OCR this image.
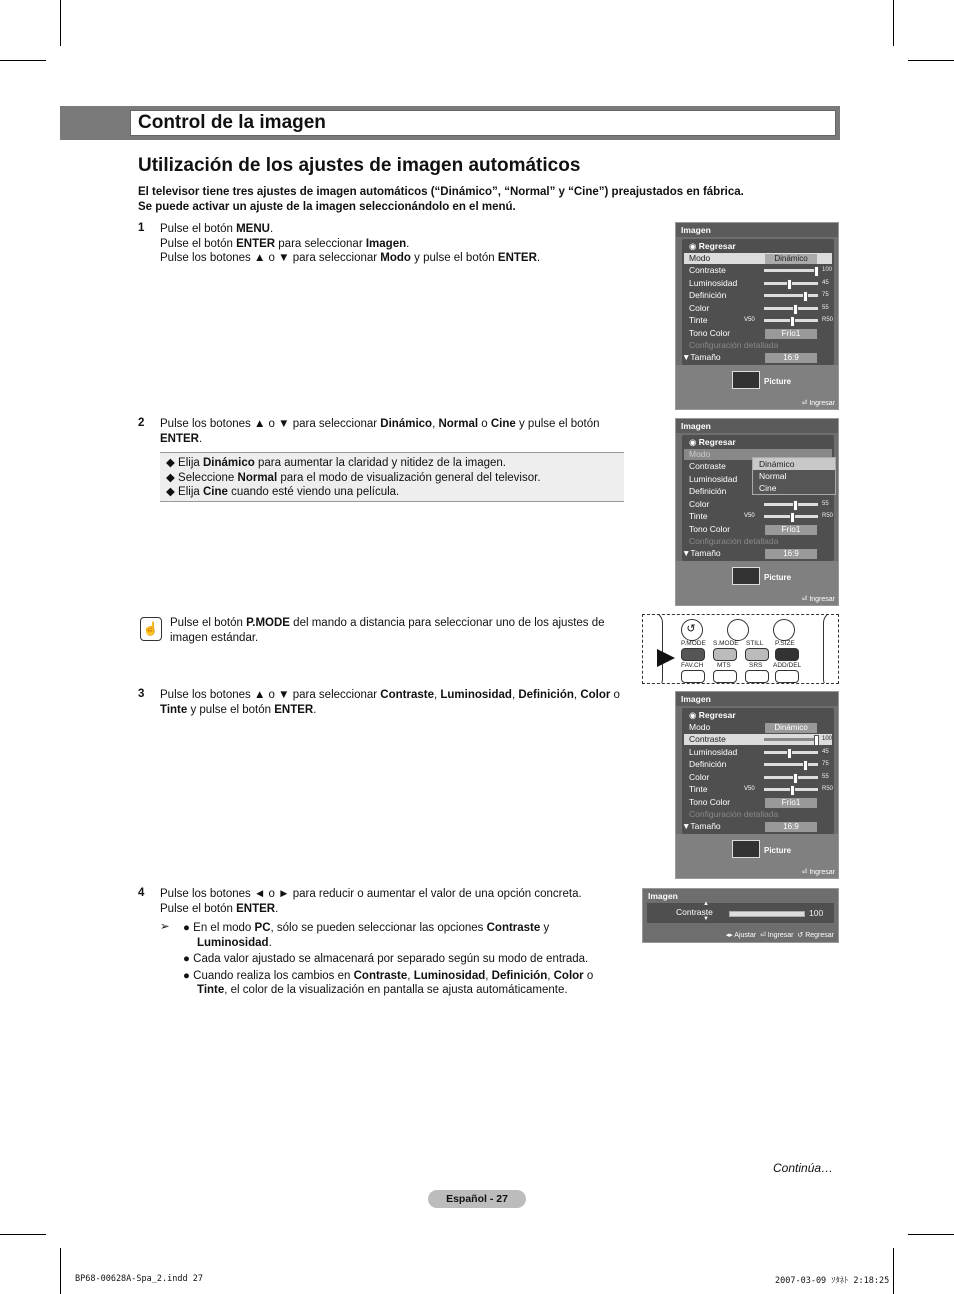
Control de la imagen
Utilización de los ajustes de imagen automáticos
El televisor tiene tres ajustes de imagen automáticos (“Dinámico”, “Normal” y “Cine”) preajustados en fábrica.
Se puede activar un ajuste de la imagen seleccionándolo en el menú.
1 Pulse el botón MENU.
Pulse el botón ENTER para seleccionar Imagen.
Pulse los botones ▲ o ▼ para seleccionar Modo y pulse el botón ENTER.
Imagen
◉ Regresar
Modo	Dinámico
Contraste	100
Luminosidad	45
Definición	75
Color	55
Tinte	V50	R50
Tono Color	Frío1
Configuración detallada
▼Tamaño	16:9
Picture
⏎ Ingresar
2 Pulse los botones ▲ o ▼ para seleccionar Dinámico, Normal o Cine y pulse el botón
ENTER.
◆ Elija Dinámico para aumentar la claridad y nitidez de la imagen.
◆ Seleccione Normal para el modo de visualización general del televisor.
◆ Elija Cine cuando esté viendo una película.
Imagen
◉ Regresar
Modo
Contraste
Luminosidad
Definición
Color	55
Tinte	V50	R50
Tono Color	Frío1
Configuración detallada
▼Tamaño	16:9
Dinámico
Normal
Cine
Picture
⏎ Ingresar
☝ Pulse el botón P.MODE del mando a distancia para seleccionar uno de los ajustes de
imagen estándar.
↺
P.MODE S.MODE STILL P.SIZE
FAV.CH MTS	SRS ADD/DEL
3 Pulse los botones ▲ o ▼ para seleccionar Contraste, Luminosidad, Definición, Color o
Tinte y pulse el botón ENTER.
Imagen
◉ Regresar
Modo	Dinámico
Contraste	100
Luminosidad	45
Definición	75
Color	55
Tinte	V50	R50
Tono Color	Frío1
Configuración detallada
▼Tamaño	16:9
Picture
⏎ Ingresar
4 Pulse los botones ◄ o ► para reducir o aumentar el valor de una opción concreta.
Pulse el botón ENTER.
➢	● En el modo PC, sólo se pueden seleccionar las opciones Contraste y
Luminosidad.
● Cada valor ajustado se almacenará por separado según su modo de entrada.
● Cuando realiza los cambios en Contraste, Luminosidad, Definición, Color o
Tinte, el color de la visualización en pantalla se ajusta automáticamente.
Imagen
▲
Contraste
▼
100
◂▸ Ajustar ⏎ Ingresar ↺ Regresar
Continúa…
Español - 27
BP68-00628A-Spa_2.indd 27	2007-03-09 ｿﾀﾈﾄ 2:18:25
